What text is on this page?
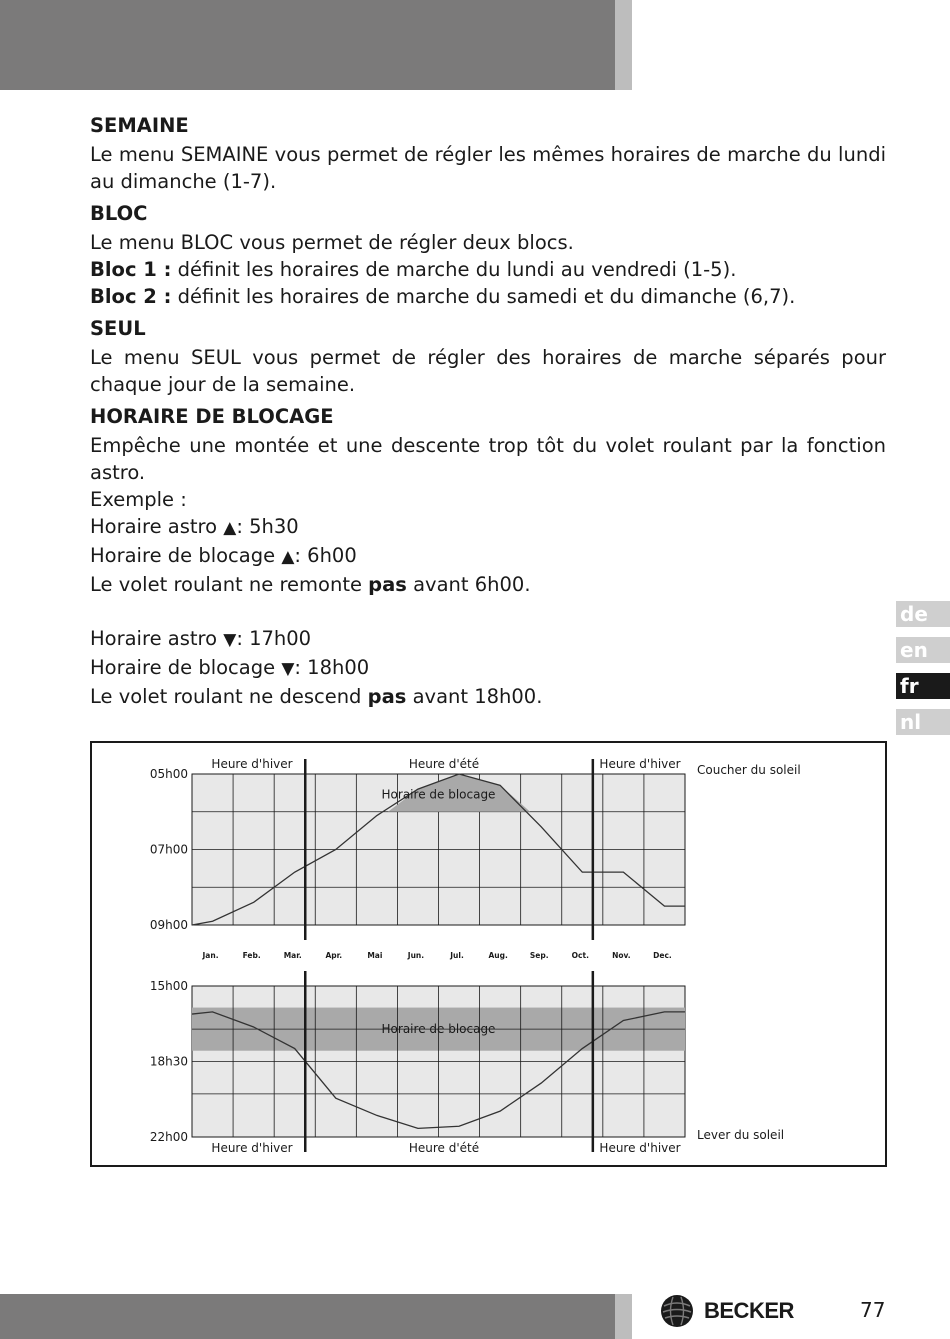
SEMAINE

Le menu SEMAINE vous permet de régler les mêmes horaires de marche du lundi au dimanche (1-7).

BLOC
Le menu BLOC vous permet de régler deux blocs.
Bloc 1 : définit les horaires de marche du lundi au vendredi (1-5).
Bloc 2 : définit les horaires de marche du samedi et du dimanche (6,7).
SEUL

Le menu SEUL vous permet de régler des horaires de marche séparés pour chaque jour de la semaine.

HORAIRE DE BLOCAGE
Empêche une montée et une descente trop tôt du volet roulant par la fonction astro.
Exemple :
Horaire astro ▲: 5h30
Horaire de blocage ▲: 6h00
Le volet roulant ne remonte pas avant 6h00.
Horaire astro ▼: 17h00
Horaire de blocage ▼: 18h00
Le volet roulant ne descend pas avant 18h00.
de
en
fr
nl
05h00
07h00
09h00
Horaire de blocage
Heure d'hiver	Heure d'été	Heure d'hiver Coucher du soleil
15h00
18h30
22h00
Horaire de blocage
Heure d'hiver	Heure d'été	Heure d'hiver
Lever du soleil
Jan.	Feb.	Mar.	Apr.	Mai	Jun.	Jul.	Aug.	Sep.	Oct.	Nov.	Dec.
BECKER	77
